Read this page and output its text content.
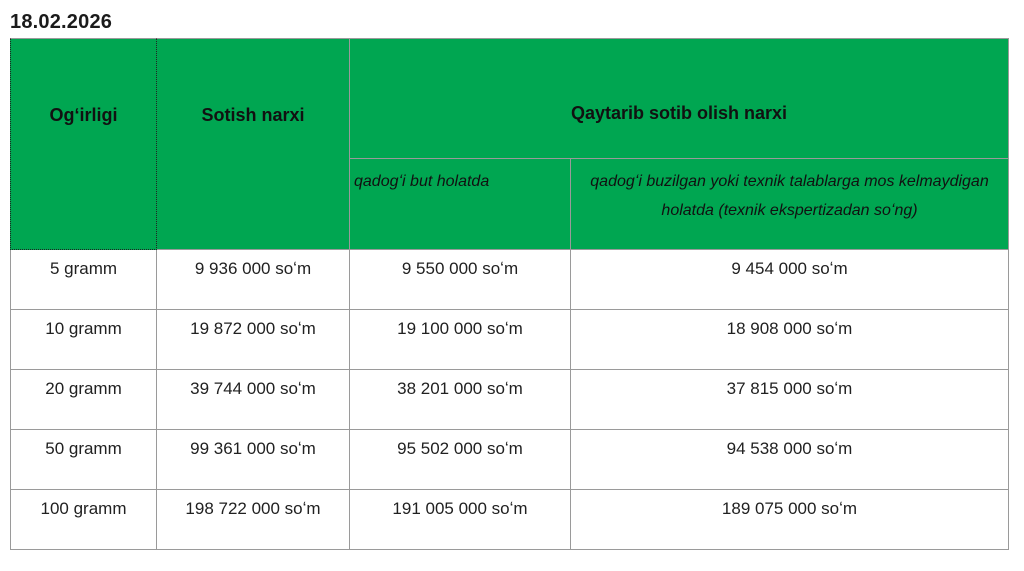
18.02.2026
Ogʻirligi	Sotish narxi	Qaytarib sotib olish narxi	
		qadogʻi but holatda	qadogʻi buzilgan yoki texnik talablarga mos kelmaydigan holatda (texnik ekspertizadan soʻng)
5 gramm	9 936 000 soʻm	9 550 000 soʻm	9 454 000 soʻm
10 gramm	19 872 000 soʻm	19 100 000 soʻm	18 908 000 soʻm
20 gramm	39 744 000 soʻm	38 201 000 soʻm	37 815 000 soʻm
50 gramm	99 361 000 soʻm	95 502 000 soʻm	94 538 000 soʻm
100 gramm	198 722 000 soʻm	191 005 000 soʻm	189 075 000 soʻm
